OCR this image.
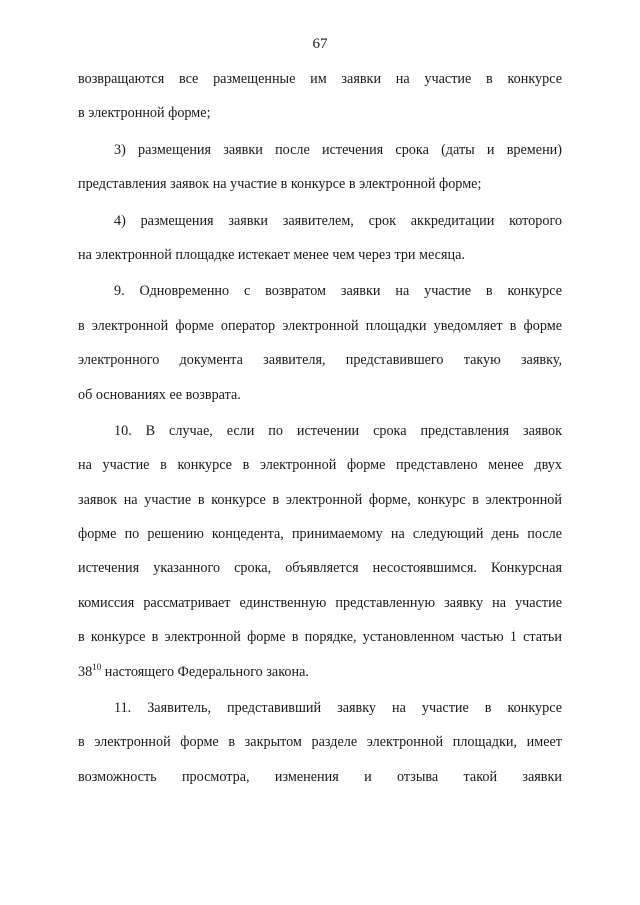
67
возвращаются все размещенные им заявки на участие в конкурсе
в электронной форме;
3) размещения заявки после истечения срока (даты и времени)
представления заявок на участие в конкурсе в электронной форме;
4) размещения заявки заявителем, срок аккредитации которого
на электронной площадке истекает менее чем через три месяца.
9. Одновременно с возвратом заявки на участие в конкурсе
в электронной форме оператор электронной площадки уведомляет в форме
электронного документа заявителя, представившего такую заявку,
об основаниях ее возврата.
10. В случае, если по истечении срока представления заявок
на участие в конкурсе в электронной форме представлено менее двух
заявок на участие в конкурсе в электронной форме, конкурс в электронной
форме по решению концедента, принимаемому на следующий день после
истечения указанного срока, объявляется несостоявшимся. Конкурсная
комиссия рассматривает единственную представленную заявку на участие
в конкурсе в электронной форме в порядке, установленном частью 1 статьи
$38^{10}$ настоящего Федерального закона.
11. Заявитель, представивший заявку на участие в конкурсе
в электронной форме в закрытом разделе электронной площадки, имеет
возможность просмотра, изменения и отзыва такой заявки
